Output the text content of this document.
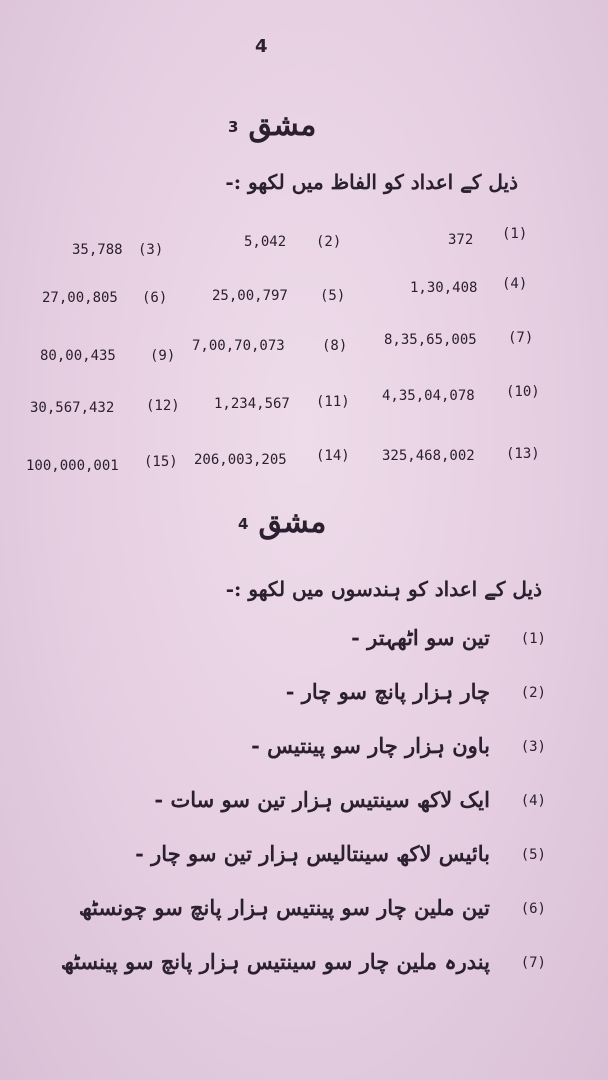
4
مشق3
ذیل کے اعداد کو الفاظ میں لکھو :-
(1)
372
(2)
5,042
(3)
35,788
(4)
1,30,408
(5)
25,00,797
(6)
27,00,805
(7)
8,35,65,005
(8)
7,00,70,073
(9)
80,00,435
(10)
4,35,04,078
(11)
1,234,567
(12)
30,567,432
(13)
325,468,002
(14)
206,003,205
(15)
100,000,001
مشق4
ذیل کے اعداد کو ہندسوں میں لکھو :-
(1)
تین سو اٹھہتر -
(2)
چار ہزار پانچ سو چار -
(3)
باون ہزار چار سو پینتیس -
(4)
ایک لاکھ سینتیس ہزار تین سو سات -
(5)
بائیس لاکھ سینتالیس ہزار تین سو چار -
(6)
تین ملین چار سو پینتیس ہزار پانچ سو چونسٹھ
(7)
پندرہ ملین چار سو سینتیس ہزار پانچ سو پینسٹھ
